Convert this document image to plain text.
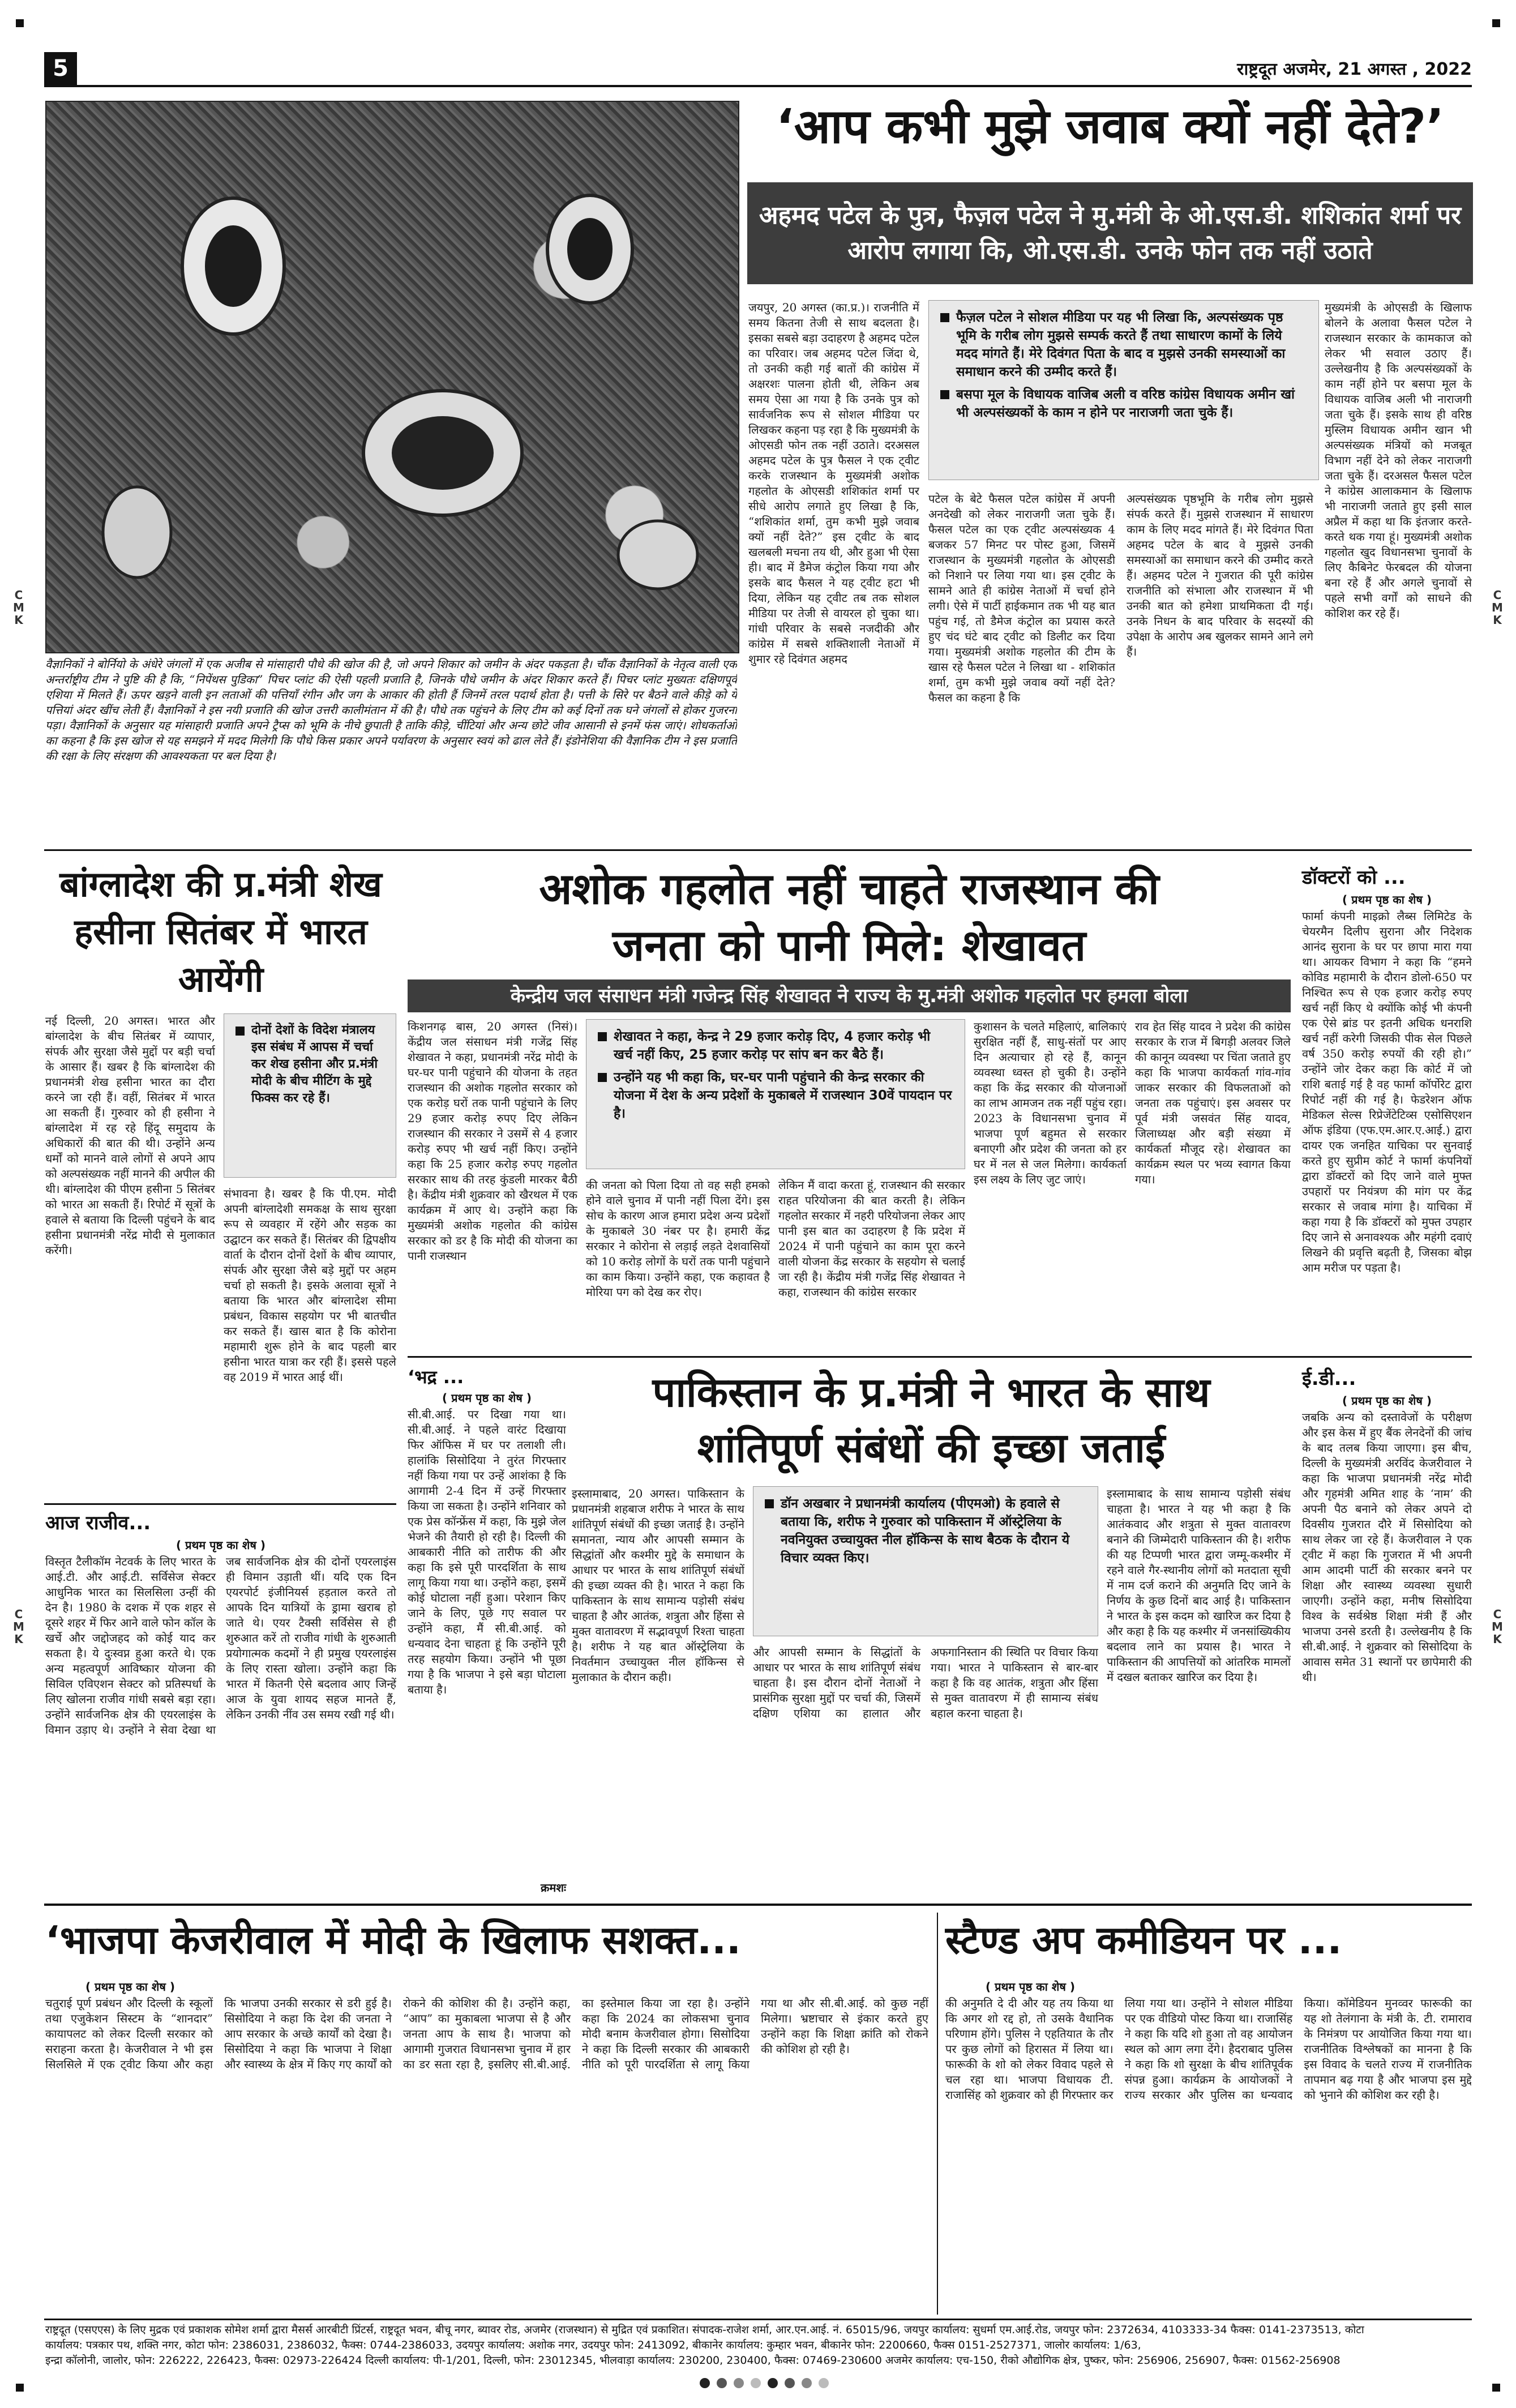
C
M
K
C
M
K
C
M
K
C
M
K
5	राष्ट्रदूत अजमेर, 21 अगस्त , 2022
वैज्ञानिकों ने बोर्नियो के अंधेरे जंगलों में एक अजीब से मांसाहारी पौधे की खोज की है, जो अपने शिकार को जमीन के अंदर पकड़ता है। चौंक वैज्ञानिकों के नेतृत्व वाली एक अन्तर्राष्ट्रीय टीम ने पुष्टि की है कि, “निपेंथस पुडिका” पिचर प्लांट की ऐसी पहली प्रजाति है, जिनके पौधे जमीन के अंदर शिकार करते हैं। पिचर प्लांट मुख्यतः दक्षिणपूर्व एशिया में मिलते हैं। ऊपर खड़ने वाली इन लताओं की पत्तियाँ रंगीन और जग के आकार की होती हैं जिनमें तरल पदार्थ होता है। पत्ती के सिरे पर बैठने वाले कीड़े को ये पत्तियां अंदर खींच लेती हैं। वैज्ञानिकों ने इस नयी प्रजाति की खोज उत्तरी कालीमंतान में की है। पौधे तक पहुंचने के लिए टीम को कई दिनों तक घने जंगलों से होकर गुजरना पड़ा। वैज्ञानिकों के अनुसार यह मांसाहारी प्रजाति अपने ट्रैप्स को भूमि के नीचे छुपाती है ताकि कीड़े, चींटियां और अन्य छोटे जीव आसानी से इनमें फंस जाएं। शोधकर्ताओं का कहना है कि इस खोज से यह समझने में मदद मिलेगी कि पौधे किस प्रकार अपने पर्यावरण के अनुसार स्वयं को ढाल लेते हैं। इंडोनेशिया की वैज्ञानिक टीम ने इस प्रजाति की रक्षा के लिए संरक्षण की आवश्यकता पर बल दिया है।
‘आप कभी मुझे जवाब क्यों नहीं देते?’
अहमद पटेल के पुत्र, फैज़ल पटेल ने मु.मंत्री के ओ.एस.डी. शशिकांत शर्मा पर आरोप लगाया कि, ओ.एस.डी. उनके फोन तक नहीं उठाते
जयपुर, 20 अगस्त (का.प्र.)। राजनीति में समय कितना तेजी से साथ बदलता है। इसका सबसे बड़ा उदाहरण है अहमद पटेल का परिवार। जब अहमद पटेल जिंदा थे, तो उनकी कही गई बातों की कांग्रेस में अक्षरशः पालना होती थी, लेकिन अब समय ऐसा आ गया है कि उनके पुत्र को सार्वजनिक रूप से सोशल मीडिया पर लिखकर कहना पड़ रहा है कि मुख्यमंत्री के ओएसडी फोन तक नहीं उठाते। दरअसल अहमद पटेल के पुत्र फैसल ने एक ट्वीट करके राजस्थान के मुख्यमंत्री अशोक गहलोत के ओएसडी शशिकांत शर्मा पर सीधे आरोप लगाते हुए लिखा है कि, “शशिकांत शर्मा, तुम कभी मुझे जवाब क्यों नहीं देते?” इस ट्वीट के बाद खलबली मचना तय थी, और हुआ भी ऐसा ही। बाद में डैमेज कंट्रोल किया गया और इसके बाद फैसल ने यह ट्वीट हटा भी दिया, लेकिन यह ट्वीट तब तक सोशल मीडिया पर तेजी से वायरल हो चुका था। गांधी परिवार के सबसे नजदीकी और कांग्रेस में सबसे शक्तिशाली नेताओं में शुमार रहे दिवंगत अहमद
फैज़ल पटेल ने सोशल मीडिया पर यह भी लिखा कि, अल्पसंख्यक पृष्ठ भूमि के गरीब लोग मुझसे सम्पर्क करते हैं तथा साधारण कामों के लिये मदद मांगते हैं। मेरे दिवंगत पिता के बाद व मुझसे उनकी समस्याओं का समाधान करने की उम्मीद करते हैं।
बसपा मूल के विधायक वाजिब अली व वरिष्ठ कांग्रेस विधायक अमीन खां भी अल्पसंख्यकों के काम न होने पर नाराजगी जता चुके हैं।
पटेल के बेटे फैसल पटेल कांग्रेस में अपनी अनदेखी को लेकर नाराजगी जता चुके हैं। फैसल पटेल का एक ट्वीट अल्पसंख्यक 4 बजकर 57 मिनट पर पोस्ट हुआ, जिसमें राजस्थान के मुख्यमंत्री गहलोत के ओएसडी को निशाने पर लिया गया था। इस ट्वीट के सामने आते ही कांग्रेस नेताओं में चर्चा होने लगी। ऐसे में पार्टी हाईकमान तक भी यह बात पहुंच गई, तो डैमेज कंट्रोल का प्रयास करते हुए चंद घंटे बाद ट्वीट को डिलीट कर दिया गया। मुख्यमंत्री अशोक गहलोत की टीम के खास रहे फैसल पटेल ने लिखा था - शशिकांत शर्मा, तुम कभी मुझे जवाब क्यों नहीं देते? फैसल का कहना है कि
अल्पसंख्यक पृष्ठभूमि के गरीब लोग मुझसे संपर्क करते हैं। मुझसे राजस्थान में साधारण काम के लिए मदद मांगते हैं। मेरे दिवंगत पिता अहमद पटेल के बाद वे मुझसे उनकी समस्याओं का समाधान करने की उम्मीद करते हैं। अहमद पटेल ने गुजरात की पूरी कांग्रेस राजनीति को संभाला और राजस्थान में भी उनकी बात को हमेशा प्राथमिकता दी गई। उनके निधन के बाद परिवार के सदस्यों की उपेक्षा के आरोप अब खुलकर सामने आने लगे हैं।
मुख्यमंत्री के ओएसडी के खिलाफ बोलने के अलावा फैसल पटेल ने राजस्थान सरकार के कामकाज को लेकर भी सवाल उठाए हैं। उल्लेखनीय है कि अल्पसंख्यकों के काम नहीं होने पर बसपा मूल के विधायक वाजिब अली भी नाराजगी जता चुके हैं। इसके साथ ही वरिष्ठ मुस्लिम विधायक अमीन खान भी अल्पसंख्यक मंत्रियों को मजबूत विभाग नहीं देने को लेकर नाराजगी जता चुके हैं। दरअसल फैसल पटेल ने कांग्रेस आलाकमान के खिलाफ भी नाराजगी जताते हुए इसी साल अप्रैल में कहा था कि इंतजार करते-करते थक गया हूं। मुख्यमंत्री अशोक गहलोत खुद विधानसभा चुनावों के लिए कैबिनेट फेरबदल की योजना बना रहे हैं और अगले चुनावों से पहले सभी वर्गों को साधने की कोशिश कर रहे हैं।
बांग्लादेश की प्र.मंत्री शेख हसीना सितंबर में भारत आयेंगी
नई दिल्ली, 20 अगस्त। भारत और बांग्लादेश के बीच सितंबर में व्यापार, संपर्क और सुरक्षा जैसे मुद्दों पर बड़ी चर्चा के आसार हैं। खबर है कि बांग्लादेश की प्रधानमंत्री शेख हसीना भारत का दौरा करने जा रही हैं। वहीं, सितंबर में भारत आ सकती हैं। गुरुवार को ही हसीना ने बांग्लादेश में रह रहे हिंदू समुदाय के अधिकारों की बात की थी। उन्होंने अन्य धर्मों को मानने वाले लोगों से अपने आप को अल्पसंख्यक नहीं मानने की अपील की थी। बांग्लादेश की पीएम हसीना 5 सितंबर को भारत आ सकती हैं। रिपोर्ट में सूत्रों के हवाले से बताया कि दिल्ली पहुंचने के बाद हसीना प्रधानमंत्री नरेंद्र मोदी से मुलाकात करेंगी।
दोनों देशों के विदेश मंत्रालय इस संबंध में आपस में चर्चा कर शेख हसीना और प्र.मंत्री मोदी के बीच मीटिंग के मुद्दे फिक्स कर रहे हैं।
संभावना है। खबर है कि पी.एम. मोदी अपनी बांग्लादेशी समकक्ष के साथ सुरक्षा रूप से व्यवहार में रहेंगे और सड़क का उद्घाटन कर सकते हैं। सितंबर की द्विपक्षीय वार्ता के दौरान दोनों देशों के बीच व्यापार, संपर्क और सुरक्षा जैसे बड़े मुद्दों पर अहम चर्चा हो सकती है। इसके अलावा सूत्रों ने बताया कि भारत और बांग्लादेश सीमा प्रबंधन, विकास सहयोग पर भी बातचीत कर सकते हैं। खास बात है कि कोरोना महामारी शुरू होने के बाद पहली बार हसीना भारत यात्रा कर रही हैं। इससे पहले वह 2019 में भारत आई थीं।
अशोक गहलोत नहीं चाहते राजस्थान की
जनता को पानी मिले: शेखावत
केन्द्रीय जल संसाधन मंत्री गजेन्द्र सिंह शेखावत ने राज्य के मु.मंत्री अशोक गहलोत पर हमला बोला
किशनगढ़ बास, 20 अगस्त (निसं)। केंद्रीय जल संसाधन मंत्री गजेंद्र सिंह शेखावत ने कहा, प्रधानमंत्री नरेंद्र मोदी के घर-घर पानी पहुंचाने की योजना के तहत राजस्थान की अशोक गहलोत सरकार को एक करोड़ घरों तक पानी पहुंचाने के लिए 29 हजार करोड़ रुपए दिए लेकिन राजस्थान की सरकार ने उसमें से 4 हजार करोड़ रुपए भी खर्च नहीं किए। उन्होंने कहा कि 25 हजार करोड़ रुपए गहलोत सरकार साथ की तरह कुंडली मारकर बैठी है। केंद्रीय मंत्री शुक्रवार को खैरथल में एक कार्यक्रम में आए थे। उन्होंने कहा कि मुख्यमंत्री अशोक गहलोत की कांग्रेस सरकार को डर है कि मोदी की योजना का पानी राजस्थान
शेखावत ने कहा, केन्द्र ने 29 हजार करोड़ दिए, 4 हजार करोड़ भी खर्च नहीं किए, 25 हजार करोड़ पर सांप बन कर बैठे हैं।
उन्होंने यह भी कहा कि, घर-घर पानी पहुंचाने की केन्द्र सरकार की योजना में देश के अन्य प्रदेशों के मुकाबले में राजस्थान 30वें पायदान पर है।
की जनता को पिला दिया तो वह सही हमको होने वाले चुनाव में पानी नहीं पिला देंगे। इस सोच के कारण आज हमारा प्रदेश अन्य प्रदेशों के मुकाबले 30 नंबर पर है। हमारी केंद्र सरकार ने कोरोना से लड़ाई लड़ते देशवासियों को 10 करोड़ लोगों के घरों तक पानी पहुंचाने का काम किया। उन्होंने कहा, एक कहावत है मोरिया पग को देख कर रोए।
लेकिन मैं वादा करता हूं, राजस्थान की सरकार राहत परियोजना की बात करती है। लेकिन गहलोत सरकार में नहरी परियोजना लेकर आए पानी इस बात का उदाहरण है कि प्रदेश में 2024 में पानी पहुंचाने का काम पूरा करने वाली योजना केंद्र सरकार के सहयोग से चलाई जा रही है। केंद्रीय मंत्री गजेंद्र सिंह शेखावत ने कहा, राजस्थान की कांग्रेस सरकार
कुशासन के चलते महिलाएं, बालिकाएं सुरक्षित नहीं हैं, साधु-संतों पर आए दिन अत्याचार हो रहे हैं, कानून व्यवस्था ध्वस्त हो चुकी है। उन्होंने कहा कि केंद्र सरकार की योजनाओं का लाभ आमजन तक नहीं पहुंच रहा। 2023 के विधानसभा चुनाव में भाजपा पूर्ण बहुमत से सरकार बनाएगी और प्रदेश की जनता को हर घर में नल से जल मिलेगा। कार्यकर्ता इस लक्ष्य के लिए जुट जाएं।
राव हेत सिंह यादव ने प्रदेश की कांग्रेस सरकार के राज में बिगड़ी अलवर जिले की कानून व्यवस्था पर चिंता जताते हुए कहा कि भाजपा कार्यकर्ता गांव-गांव जाकर सरकार की विफलताओं को जनता तक पहुंचाएं। इस अवसर पर पूर्व मंत्री जसवंत सिंह यादव, जिलाध्यक्ष और बड़ी संख्या में कार्यकर्ता मौजूद रहे। शेखावत का कार्यक्रम स्थल पर भव्य स्वागत किया गया।
डॉक्टरों को ...
( प्रथम पृष्ठ का शेष )
फार्मा कंपनी माइक्रो लैब्स लिमिटेड के चेयरमैन दिलीप सुराना और निदेशक आनंद सुराना के घर पर छापा मारा गया था। आयकर विभाग ने कहा कि “हमने कोविड महामारी के दौरान डोलो-650 पर निश्चित रूप से एक हजार करोड़ रुपए खर्च नहीं किए थे क्योंकि कोई भी कंपनी एक ऐसे ब्रांड पर इतनी अधिक धनराशि खर्च नहीं करेगी जिसकी पीक सेल पिछले वर्ष 350 करोड़ रुपयों की रही हो।” उन्होंने जोर देकर कहा कि कोर्ट में जो राशि बताई गई है वह फार्मा कॉर्पोरेट द्वारा रिपोर्ट नहीं की गई है। फेडरेशन ऑफ मेडिकल सेल्स रिप्रेजेंटेटिव्स एसोसिएशन ऑफ इंडिया (एफ.एम.आर.ए.आई.) द्वारा दायर एक जनहित याचिका पर सुनवाई करते हुए सुप्रीम कोर्ट ने फार्मा कंपनियों द्वारा डॉक्टरों को दिए जाने वाले मुफ्त उपहारों पर नियंत्रण की मांग पर केंद्र सरकार से जवाब मांगा है। याचिका में कहा गया है कि डॉक्टरों को मुफ्त उपहार दिए जाने से अनावश्यक और महंगी दवाएं लिखने की प्रवृत्ति बढ़ती है, जिसका बोझ आम मरीज पर पड़ता है।
आज राजीव...
( प्रथम पृष्ठ का शेष )
विस्तृत टैलीकॉम नेटवर्क के लिए भारत के आई.टी. और आई.टी. सर्विसेज सेक्टर आधुनिक भारत का सिलसिला उन्हीं की देन है। 1980 के दशक में एक शहर से दूसरे शहर में फिर आने वाले फोन कॉल के खर्चे और जद्दोजहद को कोई याद कर सकता है। ये दुःस्वप्न हुआ करते थे। एक अन्य महत्वपूर्ण आविष्कार योजना की सिविल एविएशन सेक्टर को प्रतिस्पर्धा के लिए खोलना राजीव गांधी सबसे बड़ा रहा। उन्होंने सार्वजनिक क्षेत्र की एयरलाइंस के विमान उड़ाए थे। उन्होंने ने सेवा देखा था जब सार्वजनिक क्षेत्र की दोनों एयरलाइंस ही विमान उड़ाती थीं। यदि एक दिन एयरपोर्ट इंजीनियर्स हड़ताल करते तो आपके दिन यात्रियों के ड्रामा खराब हो जाते थे। एयर टैक्सी सर्विसेस से ही शुरुआत करें तो राजीव गांधी के शुरुआती प्रयोगात्मक कदमों ने ही प्रमुख एयरलाइंस के लिए रास्ता खोला। उन्होंने कहा कि भारत में कितनी ऐसे बदलाव आए जिन्हें आज के युवा शायद सहज मानते हैं, लेकिन उनकी नींव उस समय रखी गई थी।
‘भद्र ...
( प्रथम पृष्ठ का शेष )
सी.बी.आई. पर दिखा गया था। सी.बी.आई. ने पहले वारंट दिखाया फिर ऑफिस में घर पर तलाशी ली। हालांकि सिसोदिया ने तुरंत गिरफ्तार नहीं किया गया पर उन्हें आशंका है कि आगामी 2-4 दिन में उन्हें गिरफ्तार किया जा सकता है। उन्होंने शनिवार को एक प्रेस कॉन्फ्रेंस में कहा, कि मुझे जेल भेजने की तैयारी हो रही है। दिल्ली की आबकारी नीति को तारीफ की और कहा कि इसे पूरी पारदर्शिता के साथ लागू किया गया था। उन्होंने कहा, इसमें कोई घोटाला नहीं हुआ। परेशान किए जाने के लिए, पूछे गए सवाल पर उन्होंने कहा, मैं सी.बी.आई. को धन्यवाद देना चाहता हूं कि उन्होंने पूरी तरह सहयोग किया। उन्होंने भी पूछा गया है कि भाजपा ने इसे बड़ा घोटाला बताया है।
क्रमशः
पाकिस्तान के प्र.मंत्री ने भारत के साथ
शांतिपूर्ण संबंधों की इच्छा जताई
इस्लामाबाद, 20 अगस्त। पाकिस्तान के प्रधानमंत्री शहबाज शरीफ ने भारत के साथ शांतिपूर्ण संबंधों की इच्छा जताई है। उन्होंने समानता, न्याय और आपसी सम्मान के सिद्धांतों और कश्मीर मुद्दे के समाधान के आधार पर भारत के साथ शांतिपूर्ण संबंधों की इच्छा व्यक्त की है। भारत ने कहा कि पाकिस्तान के साथ सामान्य पड़ोसी संबंध चाहता है और आतंक, शत्रुता और हिंसा से मुक्त वातावरण में सद्भावपूर्ण रिश्ता चाहता है। शरीफ ने यह बात ऑस्ट्रेलिया के निवर्तमान उच्चायुक्त नील हॉकिन्स से मुलाकात के दौरान कही।
डॉन अखबार ने प्रधानमंत्री कार्यालय (पीएमओ) के हवाले से बताया कि, शरीफ ने गुरुवार को पाकिस्तान में ऑस्ट्रेलिया के नवनियुक्त उच्चायुक्त नील हॉकिन्स के साथ बैठक के दौरान ये विचार व्यक्त किए।
और आपसी सम्मान के सिद्धांतों के आधार पर भारत के साथ शांतिपूर्ण संबंध चाहता है। इस दौरान दोनों नेताओं ने प्रासंगिक सुरक्षा मुद्दों पर चर्चा की, जिसमें दक्षिण एशिया का हालात और अफगानिस्तान की स्थिति पर विचार किया गया। भारत ने पाकिस्तान से बार-बार कहा है कि वह आतंक, शत्रुता और हिंसा से मुक्त वातावरण में ही सामान्य संबंध बहाल करना चाहता है।
इस्लामाबाद के साथ सामान्य पड़ोसी संबंध चाहता है। भारत ने यह भी कहा है कि आतंकवाद और शत्रुता से मुक्त वातावरण बनाने की जिम्मेदारी पाकिस्तान की है। शरीफ की यह टिप्पणी भारत द्वारा जम्मू-कश्मीर में रहने वाले गैर-स्थानीय लोगों को मतदाता सूची में नाम दर्ज कराने की अनुमति दिए जाने के निर्णय के कुछ दिनों बाद आई है। पाकिस्तान ने भारत के इस कदम को खारिज कर दिया है और कहा है कि यह कश्मीर में जनसांख्यिकीय बदलाव लाने का प्रयास है। भारत ने पाकिस्तान की आपत्तियों को आंतरिक मामलों में दखल बताकर खारिज कर दिया है।
ई.डी...
( प्रथम पृष्ठ का शेष )
जबकि अन्य को दस्तावेजों के परीक्षण और इस केस में हुए बैंक लेनदेनों की जांच के बाद तलब किया जाएगा। इस बीच, दिल्ली के मुख्यमंत्री अरविंद केजरीवाल ने कहा कि भाजपा प्रधानमंत्री नरेंद्र मोदी और गृहमंत्री अमित शाह के ‘नाम’ की अपनी पैठ बनाने को लेकर अपने दो दिवसीय गुजरात दौरे में सिसोदिया को साथ लेकर जा रहे हैं। केजरीवाल ने एक ट्वीट में कहा कि गुजरात में भी अपनी आम आदमी पार्टी की सरकार बनने पर शिक्षा और स्वास्थ्य व्यवस्था सुधारी जाएगी। उन्होंने कहा, मनीष सिसोदिया विश्व के सर्वश्रेष्ठ शिक्षा मंत्री हैं और भाजपा उनसे डरती है। उल्लेखनीय है कि सी.बी.आई. ने शुक्रवार को सिसोदिया के आवास समेत 31 स्थानों पर छापेमारी की थी।
‘भाजपा केजरीवाल में मोदी के खिलाफ सशक्त...
( प्रथम पृष्ठ का शेष )
चतुराई पूर्ण प्रबंधन और दिल्ली के स्कूलों तथा एजुकेशन सिस्टम के “शानदार” कायापलट को लेकर दिल्ली सरकार को सराहना करता है। केजरीवाल ने भी इस सिलसिले में एक ट्वीट किया और कहा कि भाजपा उनकी सरकार से डरी हुई है। सिसोदिया ने कहा कि देश की जनता ने आप सरकार के अच्छे कार्यों को देखा है। सिसोदिया ने कहा कि भाजपा ने शिक्षा और स्वास्थ्य के क्षेत्र में किए गए कार्यों को रोकने की कोशिश की है। उन्होंने कहा, “आप” का मुकाबला भाजपा से है और जनता आप के साथ है। भाजपा को आगामी गुजरात विधानसभा चुनाव में हार का डर सता रहा है, इसलिए सी.बी.आई. का इस्तेमाल किया जा रहा है। उन्होंने कहा कि 2024 का लोकसभा चुनाव मोदी बनाम केजरीवाल होगा। सिसोदिया ने कहा कि दिल्ली सरकार की आबकारी नीति को पूरी पारदर्शिता से लागू किया गया था और सी.बी.आई. को कुछ नहीं मिलेगा। भ्रष्टाचार से इंकार करते हुए उन्होंने कहा कि शिक्षा क्रांति को रोकने की कोशिश हो रही है।
स्टैण्ड अप कमीडियन पर ...
( प्रथम पृष्ठ का शेष )
की अनुमति दे दी और यह तय किया था कि अगर शो रद्द हो, तो उसके वैधानिक परिणाम होंगे। पुलिस ने एहतियात के तौर पर कुछ लोगों को हिरासत में लिया था। फारूकी के शो को लेकर विवाद पहले से चल रहा था। भाजपा विधायक टी. राजासिंह को शुक्रवार को ही गिरफ्तार कर लिया गया था। उन्होंने ने सोशल मीडिया पर एक वीडियो पोस्ट किया था। राजासिंह ने कहा कि यदि शो हुआ तो वह आयोजन स्थल को आग लगा देंगे। हैदराबाद पुलिस ने कहा कि शो सुरक्षा के बीच शांतिपूर्वक संपन्न हुआ। कार्यक्रम के आयोजकों ने राज्य सरकार और पुलिस का धन्यवाद किया। कॉमेडियन मुनव्वर फारूकी का यह शो तेलंगाना के मंत्री के. टी. रामाराव के निमंत्रण पर आयोजित किया गया था। राजनीतिक विश्लेषकों का मानना है कि इस विवाद के चलते राज्य में राजनीतिक तापमान बढ़ गया है और भाजपा इस मुद्दे को भुनाने की कोशिश कर रही है।
राष्ट्रदूत (एसएएस) के लिए मुद्रक एवं प्रकाशक सोमेश शर्मा द्वारा मैसर्स आरबीटी प्रिंटर्स, राष्ट्रदूत भवन, बीचू नगर, ब्यावर रोड, अजमेर (राजस्थान) से मुद्रित एवं प्रकाशित। संपादक-राजेश शर्मा, आर.एन.आई. नं. 65015/96, जयपुर कार्यालय: सुधर्मा एम.आई.रोड, जयपुर फोन: 2372634, 4103333-34 फैक्स: 0141-2373513, कोटा
कार्यालय: पत्रकार पथ, शक्ति नगर, कोटा फोन: 2386031, 2386032, फैक्स: 0744-2386033, उदयपुर कार्यालय: अशोक नगर, उदयपुर फोन: 2413092, बीकानेर कार्यालय: कुम्हार भवन, बीकानेर फोन: 2200660, फैक्स 0151-2527371, जालोर कार्यालय: 1/63,
इन्द्रा कॉलोनी, जालोर, फोन: 226222, 226423, फैक्स: 02973-226424 दिल्ली कार्यालय: पी-1/201, दिल्ली, फोन: 23012345, भीलवाड़ा कार्यालय: 230200, 230400, फैक्स: 07469-230600 अजमेर कार्यालय: एच-150, रीको औद्योगिक क्षेत्र, पुष्कर, फोन: 256906, 256907, फैक्स: 01562-256908
